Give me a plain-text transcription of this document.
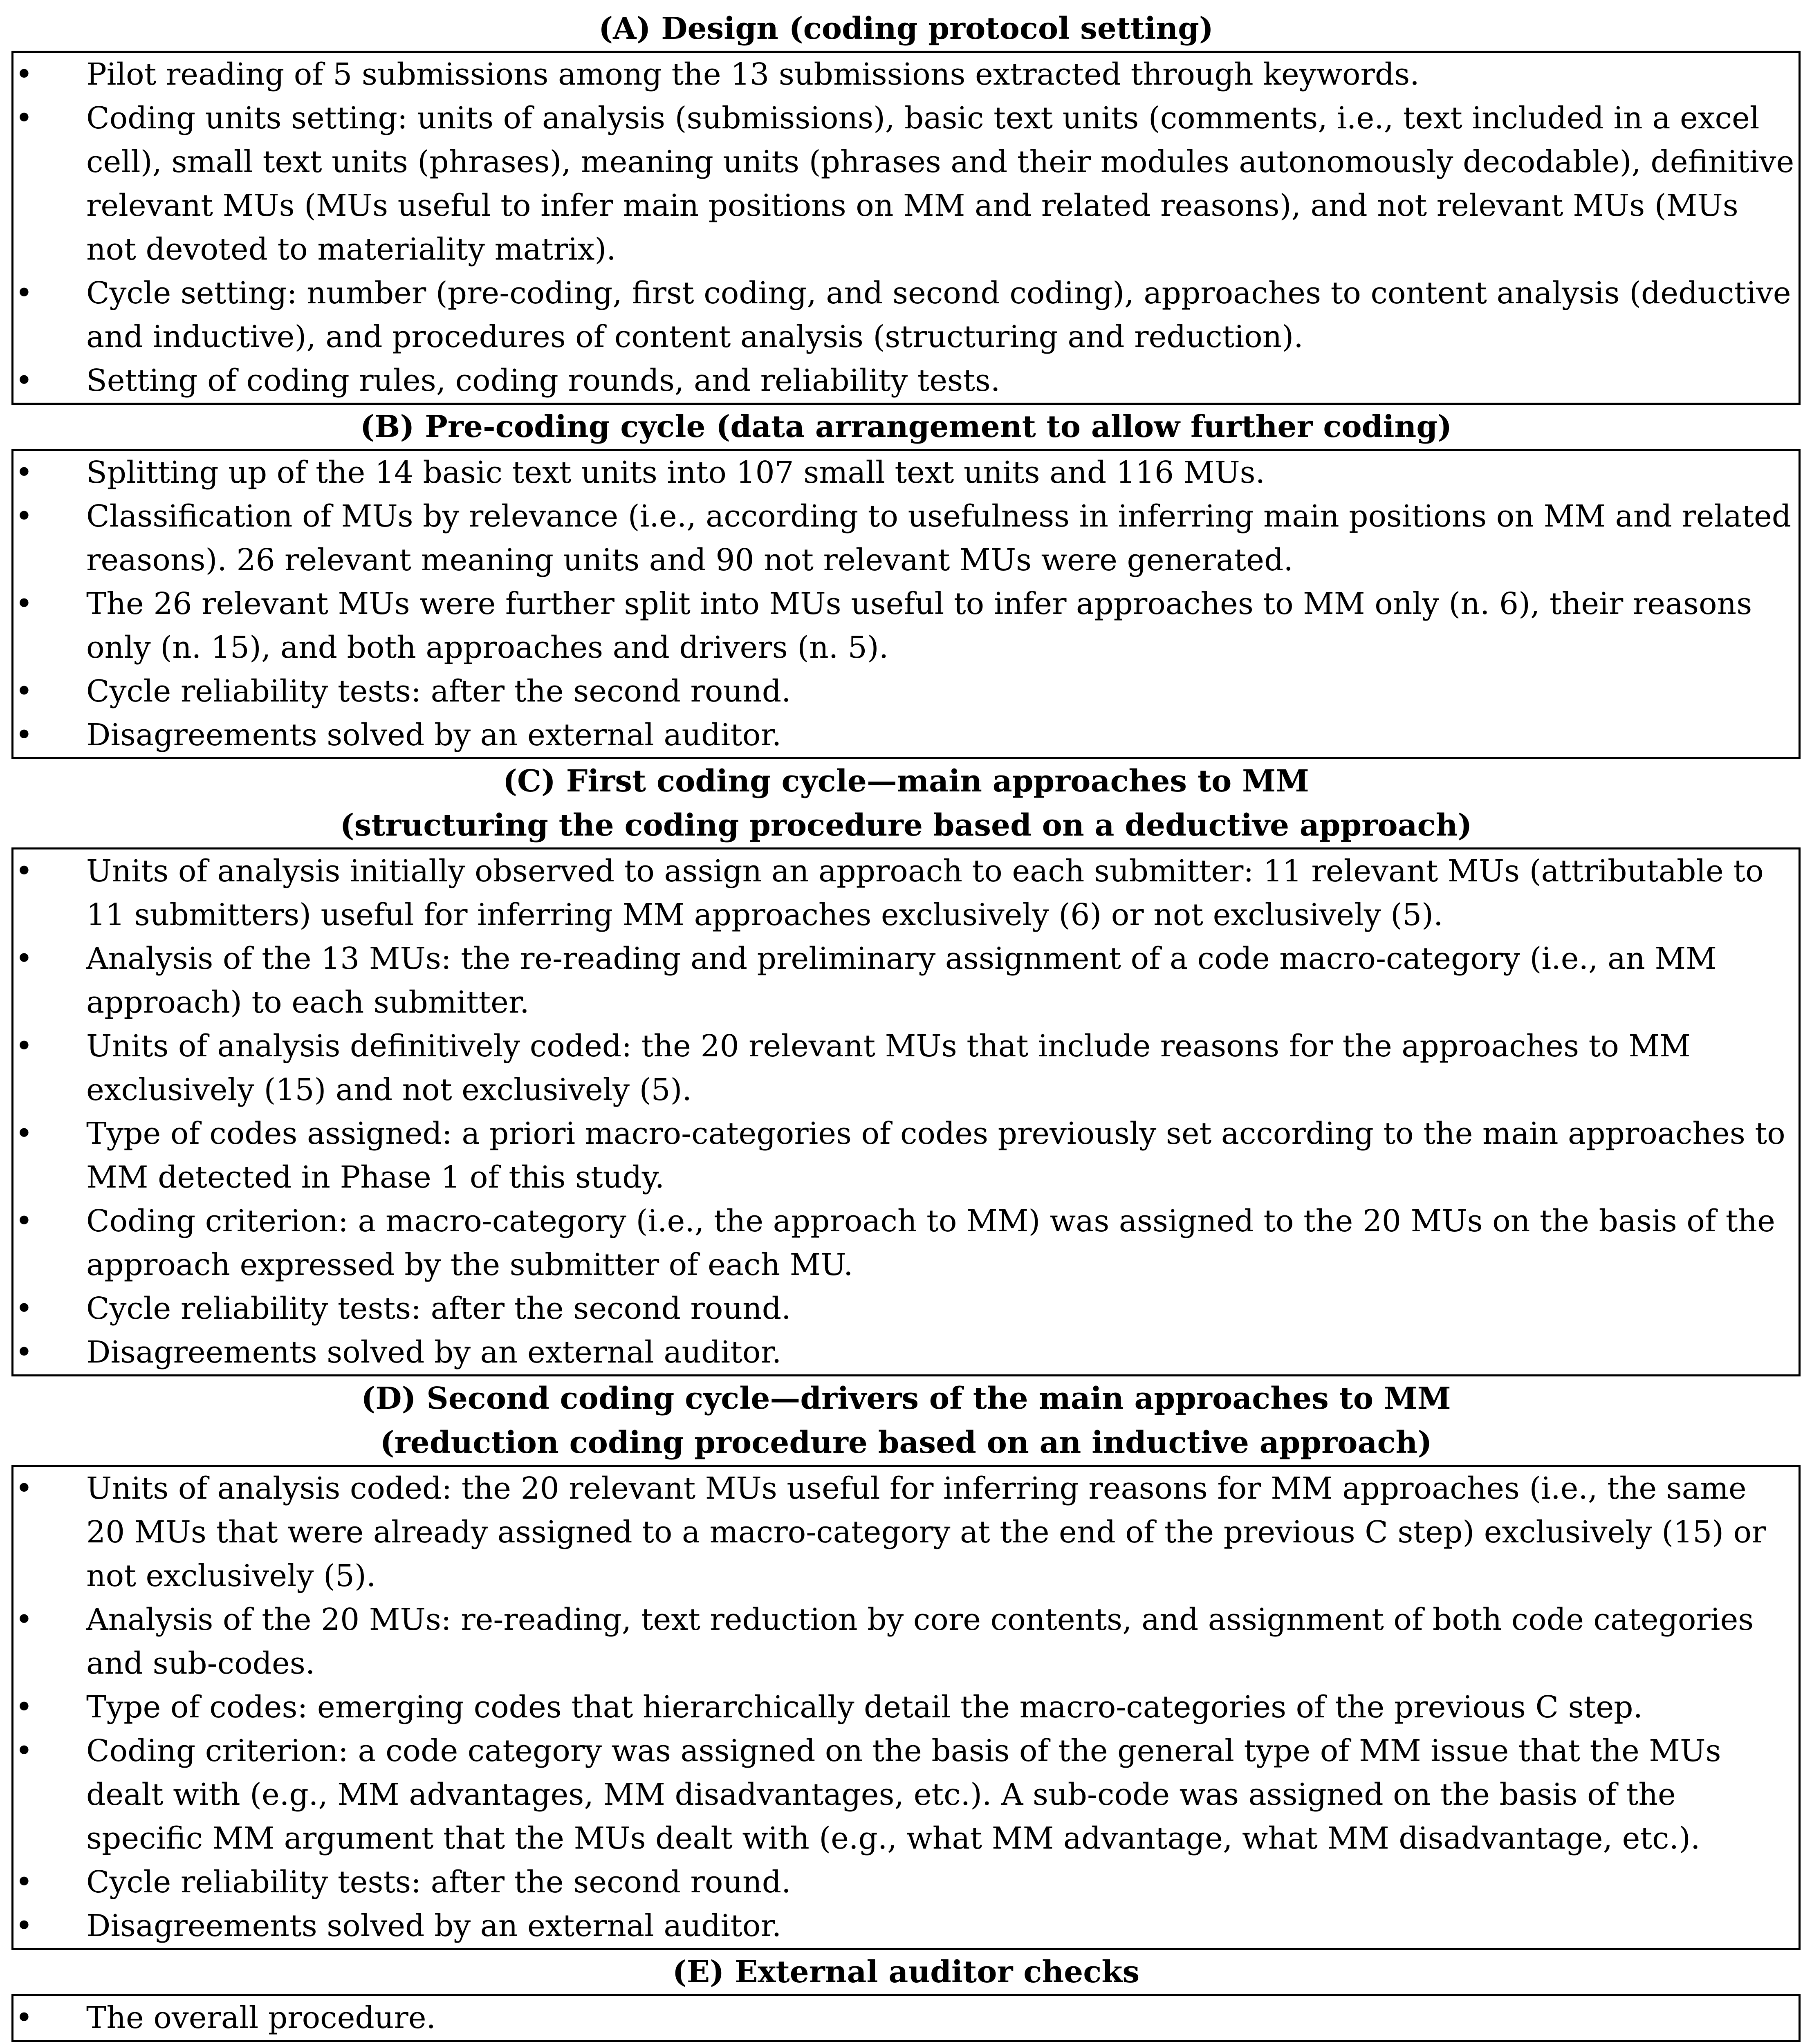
(A) Design (coding protocol setting)
•	Pilot reading of 5 submissions among the 13 submissions extracted through keywords.
•	Coding units setting: units of analysis (submissions), basic text units (comments, i.e., text included in a excel cell), small text units (phrases), meaning units (phrases and their modules autonomously decodable), definitive relevant MUs (MUs useful to infer main positions on MM and related reasons), and not relevant MUs (MUs not devoted to materiality matrix).
•	Cycle setting: number (pre-coding, first coding, and second coding), approaches to content analysis (deductive and inductive), and procedures of content analysis (structuring and reduction).
•	Setting of coding rules, coding rounds, and reliability tests.
(B) Pre-coding cycle (data arrangement to allow further coding)
•	Splitting up of the 14 basic text units into 107 small text units and 116 MUs.
•	Classification of MUs by relevance (i.e., according to usefulness in inferring main positions on MM and related reasons). 26 relevant meaning units and 90 not relevant MUs were generated.
•	The 26 relevant MUs were further split into MUs useful to infer approaches to MM only (n. 6), their reasons only (n. 15), and both approaches and drivers (n. 5).
•	Cycle reliability tests: after the second round.
•	Disagreements solved by an external auditor.
(C) First coding cycle—main approaches to MM
(structuring the coding procedure based on a deductive approach)
•	Units of analysis initially observed to assign an approach to each submitter: 11 relevant MUs (attributable to 11 submitters) useful for inferring MM approaches exclusively (6) or not exclusively (5).
•	Analysis of the 13 MUs: the re-reading and preliminary assignment of a code macro-category (i.e., an MM approach) to each submitter.
•	Units of analysis definitively coded: the 20 relevant MUs that include reasons for the approaches to MM exclusively (15) and not exclusively (5).
•	Type of codes assigned: a priori macro-categories of codes previously set according to the main approaches to MM detected in Phase 1 of this study.
•	Coding criterion: a macro-category (i.e., the approach to MM) was assigned to the 20 MUs on the basis of the approach expressed by the submitter of each MU.
•	Cycle reliability tests: after the second round.
•	Disagreements solved by an external auditor.
(D) Second coding cycle—drivers of the main approaches to MM
(reduction coding procedure based on an inductive approach)
•	Units of analysis coded: the 20 relevant MUs useful for inferring reasons for MM approaches (i.e., the same 20 MUs that were already assigned to a macro-category at the end of the previous C step) exclusively (15) or not exclusively (5).
•	Analysis of the 20 MUs: re-reading, text reduction by core contents, and assignment of both code categories and sub-codes.
•	Type of codes: emerging codes that hierarchically detail the macro-categories of the previous C step.
•	Coding criterion: a code category was assigned on the basis of the general type of MM issue that the MUs dealt with (e.g., MM advantages, MM disadvantages, etc.). A sub-code was assigned on the basis of the specific MM argument that the MUs dealt with (e.g., what MM advantage, what MM disadvantage, etc.).
•	Cycle reliability tests: after the second round.
•	Disagreements solved by an external auditor.
(E) External auditor checks
•	The overall procedure.
